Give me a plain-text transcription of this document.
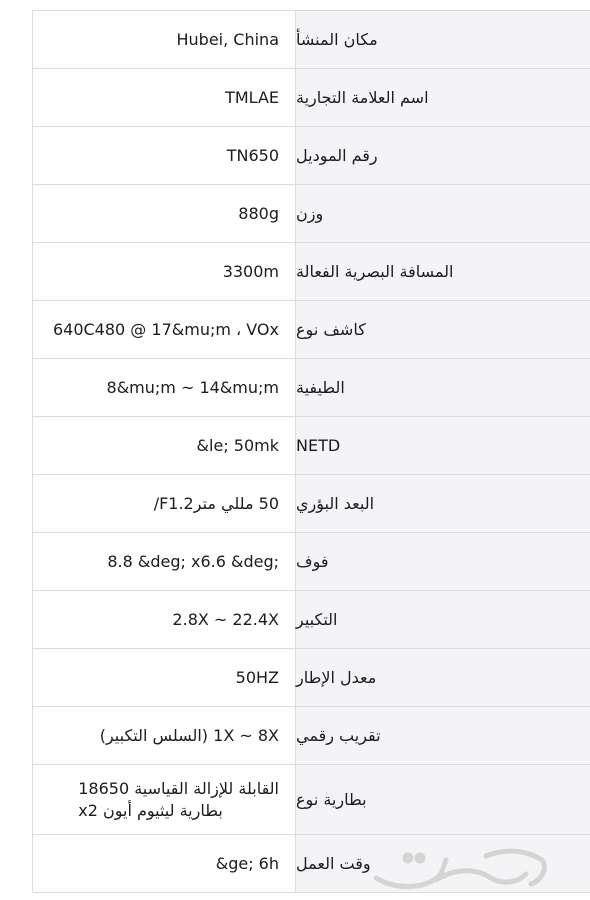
Hubei, China مكان المنشأ
TMLAE اسم العلامة التجارية
TN650 رقم الموديل
880g وزن
3300m المسافة البصرية الفعالة
640C480 @ 17&mu;m ، VOx كاشف نوع
8&mu;m ~ 14&mu;m الطيفية
&le; 50mk NETD
50 مللي مترF1.2/ البعد البؤري
8.8 &deg; x6.6 &deg; فوف
2.8X ~ 22.4X التكبير
50HZ معدل الإطار
1X ~ 8X (السلس التكبير) تقريب رقمي
القابلة للإزالة القياسية 18650
بطارية ليثيوم أيون x2
بطارية نوع
&ge; 6h وقت العمل
